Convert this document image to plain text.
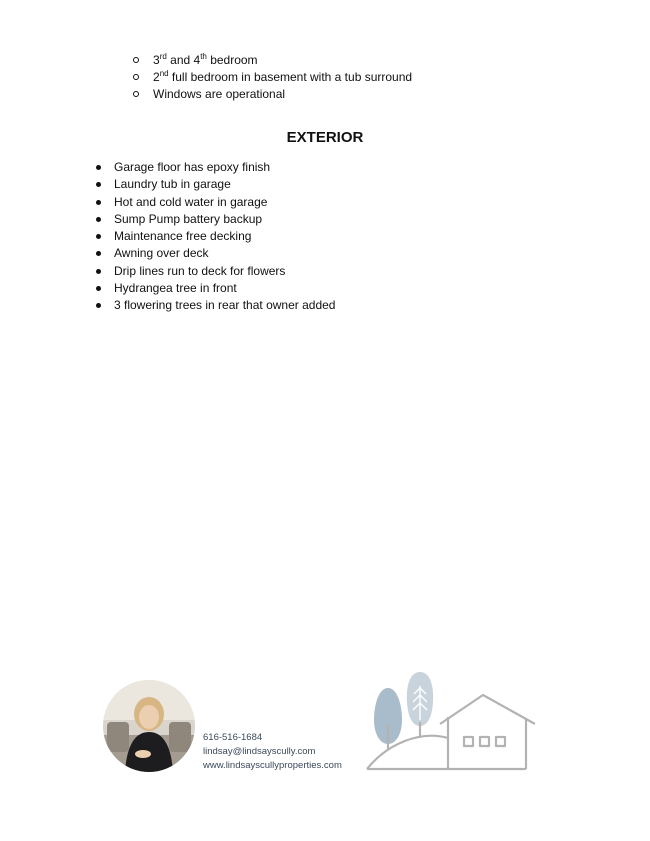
3rd and 4th bedroom
2nd full bedroom in basement with a tub surround
Windows are operational
EXTERIOR
Garage floor has epoxy finish
Laundry tub in garage
Hot and cold water in garage
Sump Pump battery backup
Maintenance free decking
Awning over deck
Drip lines run to deck for flowers
Hydrangea tree in front
3 flowering trees in rear that owner added
616-516-1684
lindsay@lindsayscully.com
www.lindsayscullyproperties.com
